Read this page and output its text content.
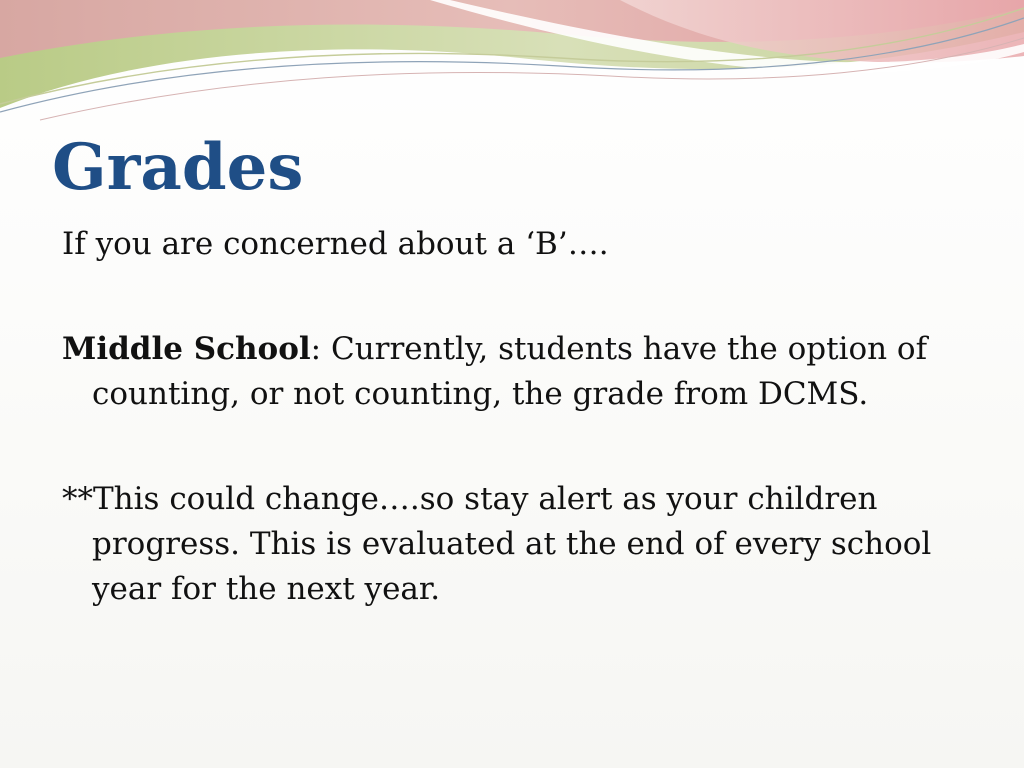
Grades

If you are concerned about a ‘B’….

Middle School: Currently, students have the option of counting, or not counting, the grade from DCMS.

**This could change….so stay alert as your children progress. This is evaluated at the end of every school year for the next year.
